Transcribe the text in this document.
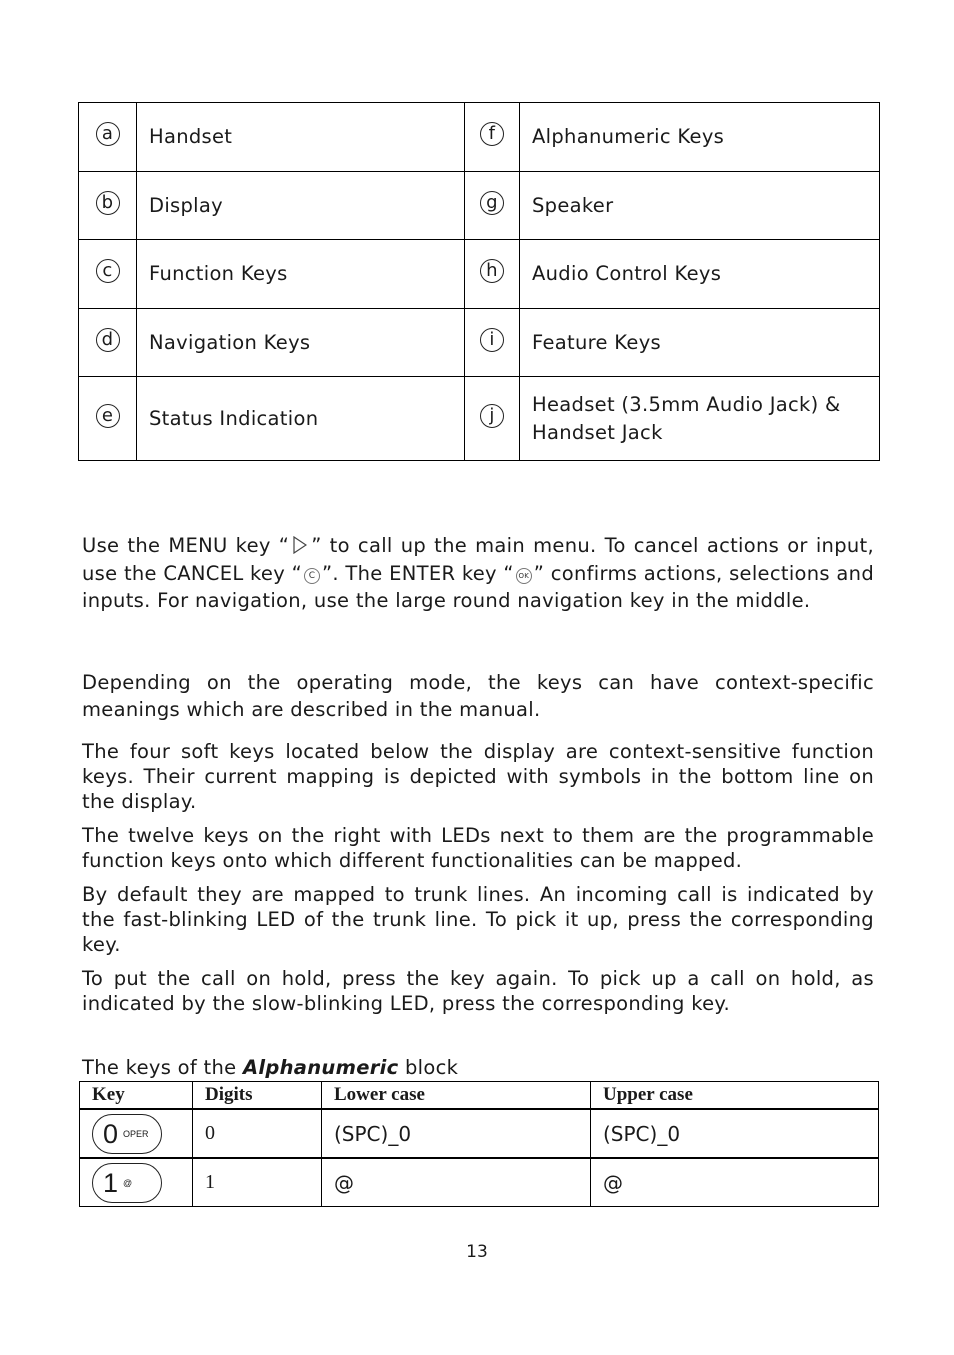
a	Handset	f	Alphanumeric Keys
b	Display	g	Speaker
c	Function Keys	h	Audio Control Keys
d	Navigation Keys	i	Feature Keys
e	Status Indication	j	Headset (3.5mm Audio Jack) & Handset Jack

Use the MENU key “ ” to call up the main menu. To cancel actions or input, use the CANCEL key “ C ”. The ENTER key “ OK ” confirms actions, selections and inputs. For navigation, use the large round navigation key in the middle.

Depending on the operating mode, the keys can have context-specific meanings which are described in the manual.

The four soft keys located below the display are context-sensitive function keys. Their current mapping is depicted with symbols in the bottom line on the display.

The twelve keys on the right with LEDs next to them are the programmable function keys onto which different functionalities can be mapped.

By default they are mapped to trunk lines. An incoming call is indicated by the fast-blinking LED of the trunk line. To pick it up, press the corresponding key.

To put the call on hold, press the key again. To pick up a call on hold, as indicated by the slow-blinking LED, press the corresponding key.

The keys of the Alphanumeric block
Key	Digits	Lower case	Upper case

0 OPER	0	(SPC)_0	(SPC)_0

1 @	1	@	@
13
